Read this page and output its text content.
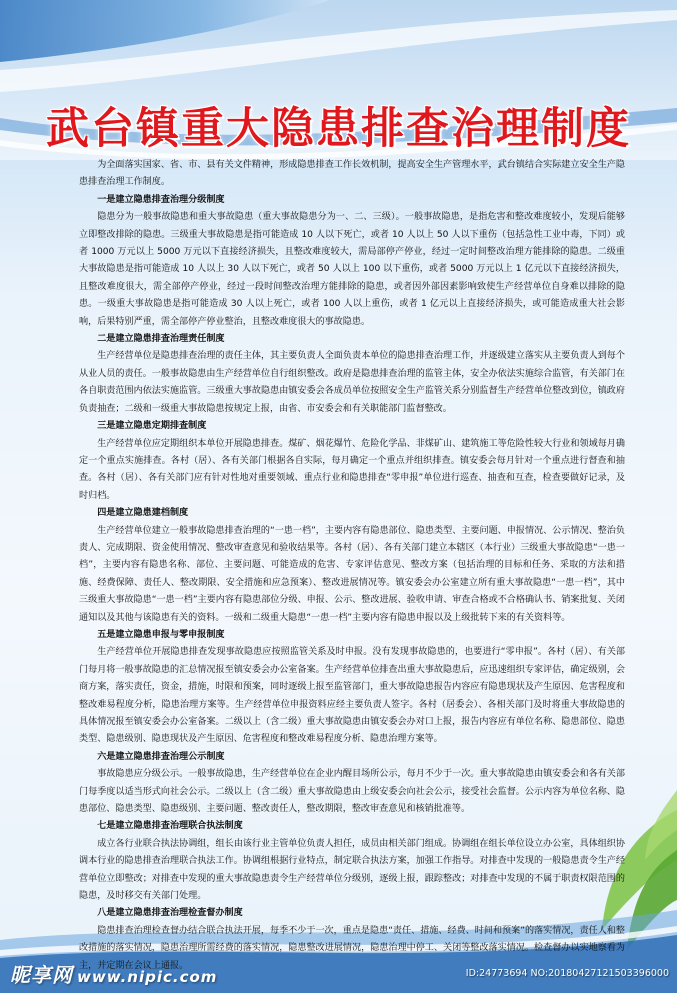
武台镇重大隐患排查治理制度

为全面落实国家、省、市、县有关文件精神，形成隐患排查工作长效机制，提高安全生产管理水平，武台镇结合实际建立安全生产隐患排查治理工作制度。

一是建立隐患排查治理分级制度

隐患分为一般事故隐患和重大事故隐患（重大事故隐患分为一、二、三级）。一般事故隐患，是指危害和整改难度较小，发现后能够立即整改排除的隐患。三级重大事故隐患是指可能造成 10 人以下死亡，或者 10 人以上 50 人以下重伤（包括急性工业中毒，下同）或者 1000 万元以上 5000 万元以下直接经济损失，且整改难度较大，需局部停产停业，经过一定时间整改治理方能排除的隐患。二级重大事故隐患是指可能造成 10 人以上 30 人以下死亡，或者 50 人以上 100 以下重伤，或者 5000 万元以上 1 亿元以下直接经济损失，且整改难度很大，需全部停产停业，经过一段时间整改治理方能排除的隐患，或者因外部因素影响致使生产经营单位自身难以排除的隐患。一级重大事故隐患是指可能造成 30 人以上死亡，或者 100 人以上重伤，或者 1 亿元以上直接经济损失，或可能造成重大社会影响，后果特别严重，需全部停产停业整治，且整改难度很大的事故隐患。

二是建立隐患排查治理责任制度

生产经营单位是隐患排查治理的责任主体，其主要负责人全面负责本单位的隐患排查治理工作，并逐级建立落实从主要负责人到每个从业人员的责任。一般事故隐患由生产经营单位自行组织整改。政府是隐患排查治理的监管主体，安全办依法实施综合监管，有关部门在各自职责范围内依法实施监管。三级重大事故隐患由镇安委会各成员单位按照安全生产监管关系分别监督生产经营单位整改到位，镇政府负责抽查；二级和一级重大事故隐患按规定上报，由省、市安委会和有关职能部门监督整改。

三是建立隐患定期排查制度

生产经营单位应定期组织本单位开展隐患排查。煤矿、烟花爆竹、危险化学品、非煤矿山、建筑施工等危险性较大行业和领域每月确定一个重点实施排查。各村（居）、各有关部门根据各自实际，每月确定一个重点并组织排查。镇安委会每月针对一个重点进行督查和抽查。各村（居）、各有关部门应有针对性地对重要领域、重点行业和隐患排查“零申报”单位进行巡查、抽查和互查，检查要做好记录，及时归档。

四是建立隐患建档制度

生产经营单位建立一般事故隐患排查治理的“一患一档”，主要内容有隐患部位、隐患类型、主要问题、申报情况、公示情况、整治负责人、完成期限、资金使用情况、整改审查意见和验收结果等。各村（居）、各有关部门建立本辖区（本行业）三级重大事故隐患“一患一档”，主要内容有隐患名称、部位、主要问题、可能造成的危害、专家评估意见、整改方案（包括治理的目标和任务、采取的方法和措施、经费保障、责任人、整改期限、安全措施和应急预案）、整改进展情况等。镇安委会办公室建立所有重大事故隐患“一患一档”，其中三级重大事故隐患“一患一档”主要内容有隐患部位分级、申报、公示、整改进展、验收申请、审查合格或不合格确认书、销案批复、关闭通知以及其他与该隐患有关的资料。一级和二级重大隐患“一患一档”主要内容有隐患申报以及上级批转下来的有关资料等。

五是建立隐患申报与零申报制度

生产经营单位开展隐患排查发现事故隐患应按照监管关系及时申报。没有发现事故隐患的，也要进行“零申报”。各村（居）、有关部门每月将一般事故隐患的汇总情况报至镇安委会办公室备案。生产经营单位排查出重大事故隐患后，应迅速组织专家评估，确定级别，会商方案，落实责任，资金，措施，时限和预案，同时逐级上报至监管部门，重大事故隐患报告内容应有隐患现状及产生原因、危害程度和整改难易程度分析，隐患治理方案等。生产经营单位申报资料应经主要负责人签字。各村（居委会）、各相关部门及时将重大事故隐患的具体情况报至镇安委会办公室备案。二级以上（含二级）重大事故隐患由镇安委会办对口上报，报告内容应有单位名称、隐患部位、隐患类型、隐患级别、隐患现状及产生原因、危害程度和整改难易程度分析、隐患治理方案等。

六是建立隐患排查治理公示制度

事故隐患应分级公示。一般事故隐患，生产经营单位在企业内醒目场所公示，每月不少于一次。重大事故隐患由镇安委会和各有关部门每季度以适当形式向社会公示。二级以上（含二级）重大事故隐患由上级安委会向社会公示，接受社会监督。公示内容为单位名称、隐患部位、隐患类型、隐患级别、主要问题、整改责任人，整改期限，整改审查意见和核销批准等。

七是建立隐患排查治理联合执法制度

成立各行业联合执法协调组，组长由该行业主管单位负责人担任，成员由相关部门组成。协调组在组长单位设立办公室，具体组织协调本行业的隐患排查治理联合执法工作。协调组根据行业特点，制定联合执法方案，加强工作指导。对排查中发现的一般隐患责令生产经营单位立即整改；对排查中发现的重大事故隐患责令生产经营单位分级别，逐级上报，跟踪整改；对排查中发现的不属于职责权限范围的隐患，及时移交有关部门处理。

八是建立隐患排查治理检查督办制度

隐患排查治理检查督办结合联合执法开展，每季不少于一次，重点是隐患“责任、措施、经费、时间和预案”的落实情况，责任人和整改措施的落实情况，隐患治理所需经费的落实情况，隐患整改进展情况，隐患治理中停工、关闭等整改落实情况。检查督办以实地察看为主，并定期在会议上通报。

昵享网 www.nipic.com	ID:24773694 NO:20180427121503396000
